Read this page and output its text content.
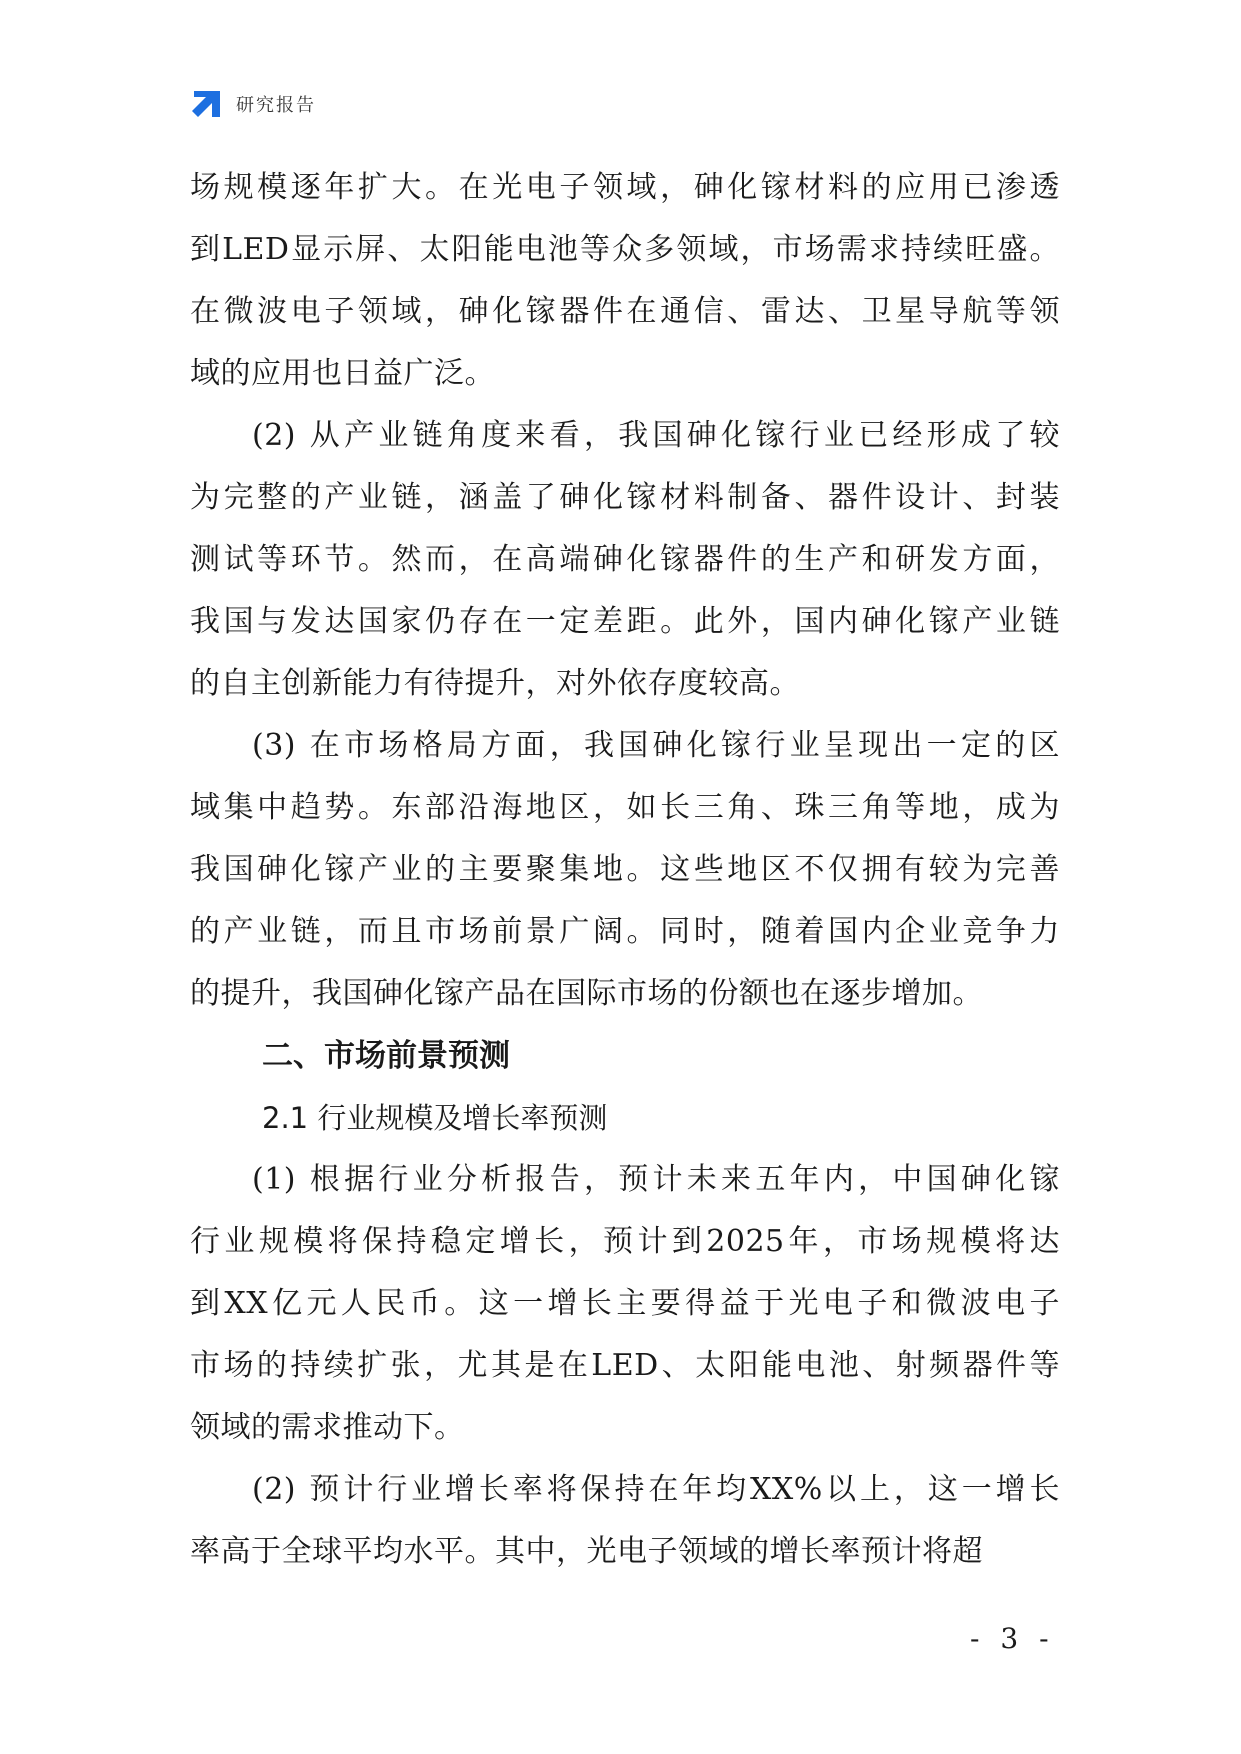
研究报告
场规模逐年扩大。在光电子领域，砷化镓材料的应用已渗透
到LED显示屏、太阳能电池等众多领域，市场需求持续旺盛。
在微波电子领域，砷化镓器件在通信、雷达、卫星导航等领
域的应用也日益广泛。
(2) 从产业链角度来看，我国砷化镓行业已经形成了较
为完整的产业链，涵盖了砷化镓材料制备、器件设计、封装
测试等环节。然而，在高端砷化镓器件的生产和研发方面，
我国与发达国家仍存在一定差距。此外，国内砷化镓产业链
的自主创新能力有待提升，对外依存度较高。
(3) 在市场格局方面，我国砷化镓行业呈现出一定的区
域集中趋势。东部沿海地区，如长三角、珠三角等地，成为
我国砷化镓产业的主要聚集地。这些地区不仅拥有较为完善
的产业链，而且市场前景广阔。同时，随着国内企业竞争力
的提升，我国砷化镓产品在国际市场的份额也在逐步增加。
二、市场前景预测
2.1 行业规模及增长率预测
(1) 根据行业分析报告，预计未来五年内，中国砷化镓
行业规模将保持稳定增长，预计到2025年，市场规模将达
到XX亿元人民币。这一增长主要得益于光电子和微波电子
市场的持续扩张，尤其是在LED、太阳能电池、射频器件等
领域的需求推动下。
(2) 预计行业增长率将保持在年均XX%以上，这一增长
率高于全球平均水平。其中，光电子领域的增长率预计将超
- 3 -
